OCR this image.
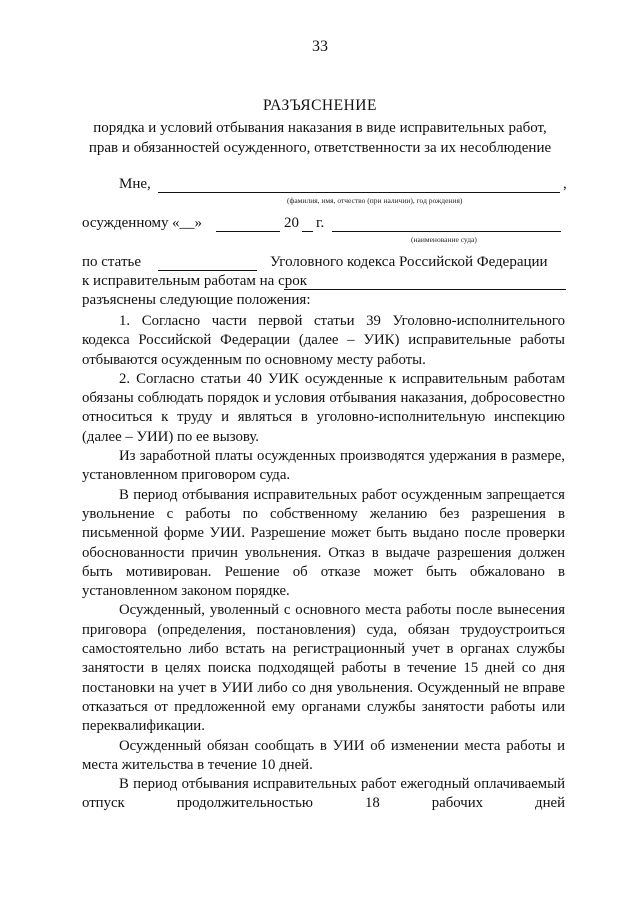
33
РАЗЪЯСНЕНИЕ
порядка и условий отбывания наказания в виде исправительных работ,
прав и обязанностей осужденного, ответственности за их несоблюдение
Мне,	,
(фамилия, имя, отчество (при наличии), год рождения)
осужденному «__»	20 г.
(наименование суда)
по статье	Уголовного кодекса Российской Федерации
к исправительным работам на срок
разъяснены следующие положения:

1. Согласно части первой статьи 39 Уголовно-исполнительного кодекса Российской Федерации (далее – УИК) исправительные работы отбываются осужденным по основному месту работы.

2. Согласно статьи 40 УИК осужденные к исправительным работам обязаны соблюдать порядок и условия отбывания наказания, добросовестно относиться к труду и являться в уголовно-исполнительную инспекцию (далее – УИИ) по ее вызову.

Из заработной платы осужденных производятся удержания в размере, установленном приговором суда.

В период отбывания исправительных работ осужденным запрещается увольнение с работы по собственному желанию без разрешения в письменной форме УИИ. Разрешение может быть выдано после проверки обоснованности причин увольнения. Отказ в выдаче разрешения должен быть мотивирован. Решение об отказе может быть обжаловано в установленном законом порядке.

Осужденный, уволенный с основного места работы после вынесения приговора (определения, постановления) суда, обязан трудоустроиться самостоятельно либо встать на регистрационный учет в органах службы занятости в целях поиска подходящей работы в течение 15 дней со дня постановки на учет в УИИ либо со дня увольнения. Осужденный не вправе отказаться от предложенной ему органами службы занятости работы или переквалификации.

Осужденный обязан сообщать в УИИ об изменении места работы и места жительства в течение 10 дней.

В период отбывания исправительных работ ежегодный оплачиваемый отпуск продолжительностью 18 рабочих дней
